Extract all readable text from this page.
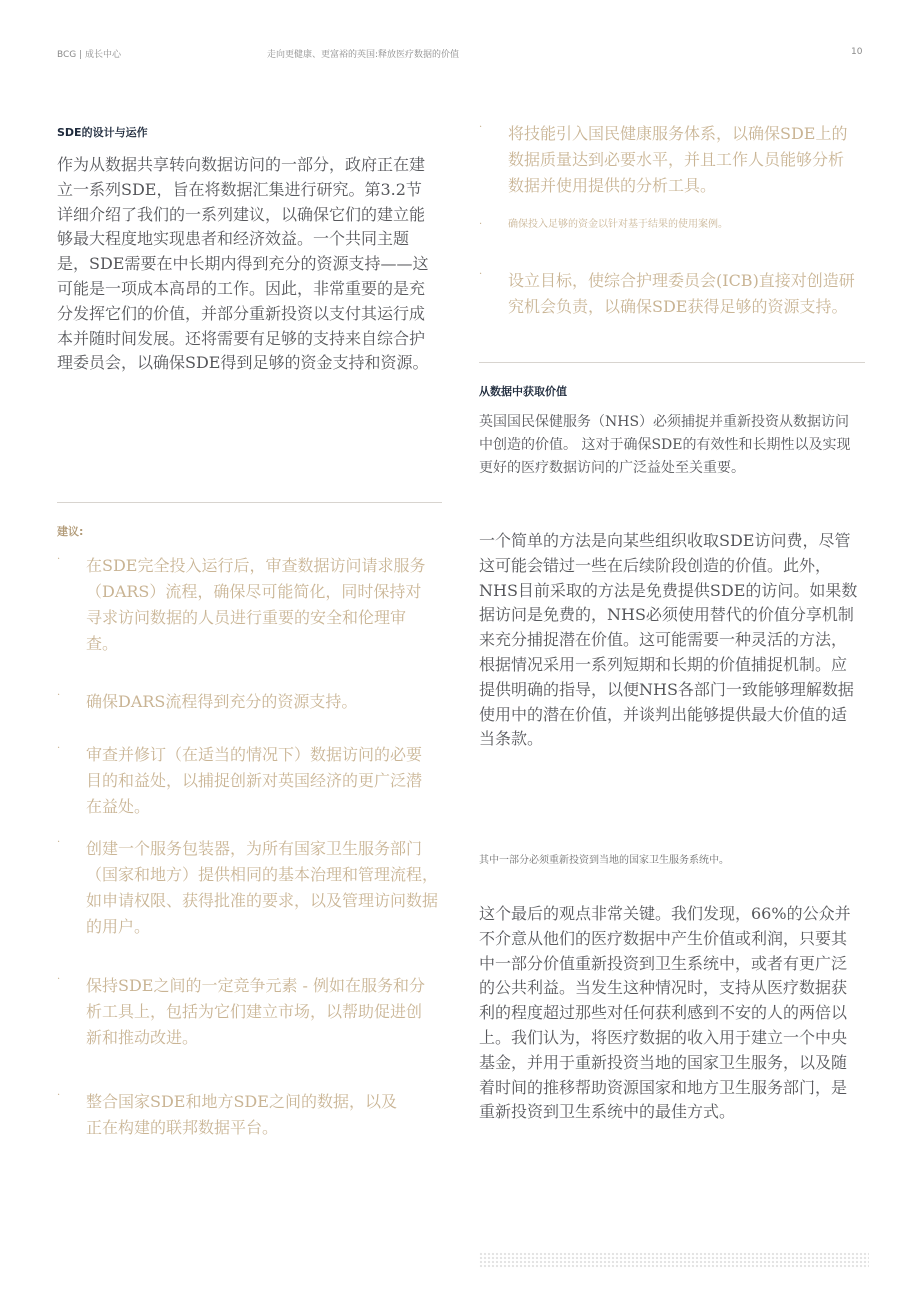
BCG | 成长中心	走向更健康、更富裕的英国:释放医疗数据的价值	10
SDE的设计与运作

作为从数据共享转向数据访问的一部分，政府正在建立一系列SDE，旨在将数据汇集进行研究。第3.2节详细介绍了我们的一系列建议，以确保它们的建立能够最大程度地实现患者和经济效益。一个共同主题是，SDE需要在中长期内得到充分的资源支持——这可能是一项成本高昂的工作。因此，非常重要的是充分发挥它们的价值，并部分重新投资以支付其运行成本并随时间发展。还将需要有足够的支持来自综合护理委员会，以确保SDE得到足够的资金支持和资源。

建议:
· 在SDE完全投入运行后，审查数据访问请求服务（DARS）流程，确保尽可能简化，同时保持对寻求访问数据的人员进行重要的安全和伦理审查。

· 确保DARS流程得到充分的资源支持。

· 审查并修订（在适当的情况下）数据访问的必要目的和益处，以捕捉创新对英国经济的更广泛潜在益处。

· 创建一个服务包装器，为所有国家卫生服务部门（国家和地方）提供相同的基本治理和管理流程，如申请权限、获得批准的要求，以及管理访问数据的用户。

· 保持SDE之间的一定竞争元素 - 例如在服务和分析工具上，包括为它们建立市场，以帮助促进创新和推动改进。

· 整合国家SDE和地方SDE之间的数据，以及正在构建的联邦数据平台。

· 将技能引入国民健康服务体系，以确保SDE上的数据质量达到必要水平，并且工作人员能够分析数据并使用提供的分析工具。

·	确保投入足够的资金以针对基于结果的使用案例。

· 设立目标，使综合护理委员会(ICB)直接对创造研究机会负责，以确保SDE获得足够的资源支持。

从数据中获取价值

英国国民保健服务（NHS）必须捕捉并重新投资从数据访问中创造的价值。 这对于确保SDE的有效性和长期性以及实现更好的医疗数据访问的广泛益处至关重要。

一个简单的方法是向某些组织收取SDE访问费，尽管这可能会错过一些在后续阶段创造的价值。此外，NHS目前采取的方法是免费提供SDE的访问。如果数据访问是免费的，NHS必须使用替代的价值分享机制来充分捕捉潜在价值。这可能需要一种灵活的方法，根据情况采用一系列短期和长期的价值捕捉机制。应提供明确的指导，以便NHS各部门一致能够理解数据使用中的潜在价值，并谈判出能够提供最大价值的适当条款。

其中一部分必须重新投资到当地的国家卫生服务系统中。

这个最后的观点非常关键。我们发现，66%的公众并不介意从他们的医疗数据中产生价值或利润，只要其中一部分价值重新投资到卫生系统中，或者有更广泛的公共利益。当发生这种情况时，支持从医疗数据获利的程度超过那些对任何获利感到不安的人的两倍以上。我们认为，将医疗数据的收入用于建立一个中央基金，并用于重新投资当地的国家卫生服务，以及随着时间的推移帮助资源国家和地方卫生服务部门，是重新投资到卫生系统中的最佳方式。
